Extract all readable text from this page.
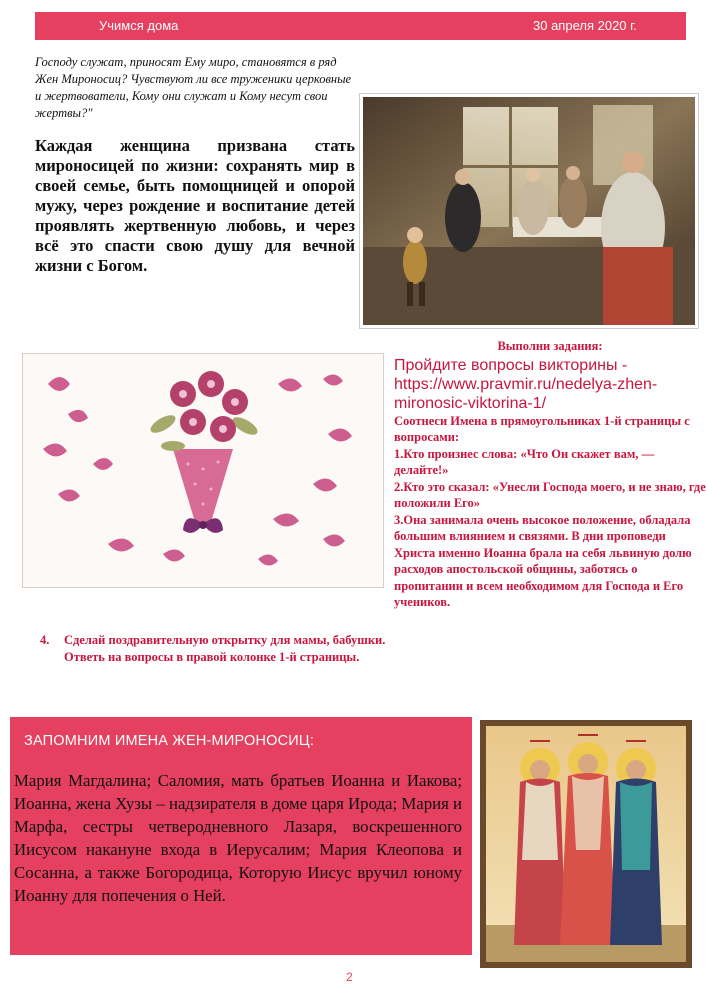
Учимся дома	30 апреля 2020 г.
Господу служат, приносят Ему миро, становятся в ряд Жен Мироносиц? Чувствуют ли все труженики церковные и жертвователи, Кому они служат и Кому несут свои жертвы?"
Каждая женщина призвана стать мироносицей по жизни: сохранять мир в своей семье, быть помощницей и опорой мужу, через рождение и воспитание детей проявлять жертвенную любовь, и через всё это спасти свою душу для вечной жизни с Богом.
Выполни задания:
Пройдите вопросы викторины - https://www.pravmir.ru/nedelya-zhen-mironosic-viktorina-1/
Соотнеси Имена в прямоугольниках 1-й страницы с вопросами:
1.Кто произнес слова: «Что Он скажет вам, — делайте!»
2.Кто это сказал: «Унесли Господа моего, и не знаю, где положили Его»
3.Она занимала очень высокое положение, обладала большим влиянием и связями. В дни проповеди Христа именно Иоанна брала на себя львиную долю расходов апостольской общины, заботясь о пропитании и всем необходимом для Господа и Его учеников.
4. Сделай поздравительную открытку для мамы, бабушки.
Ответь на вопросы в правой колонке 1-й страницы.
ЗАПОМНИМ ИМЕНА ЖЕН-МИРОНОСИЦ:
Мария Магдалина; Саломия, мать братьев Иоанна и Иакова; Иоанна, жена Хузы – надзирателя в доме царя Ирода; Мария и Марфа, сестры четверодневного Лазаря, воскрешенного Иисусом накануне входа в Иерусалим; Мария Клеопова и Сосанна, а также Богородица, Которую Иисус вручил юному Иоанну для попечения о Ней.
2
